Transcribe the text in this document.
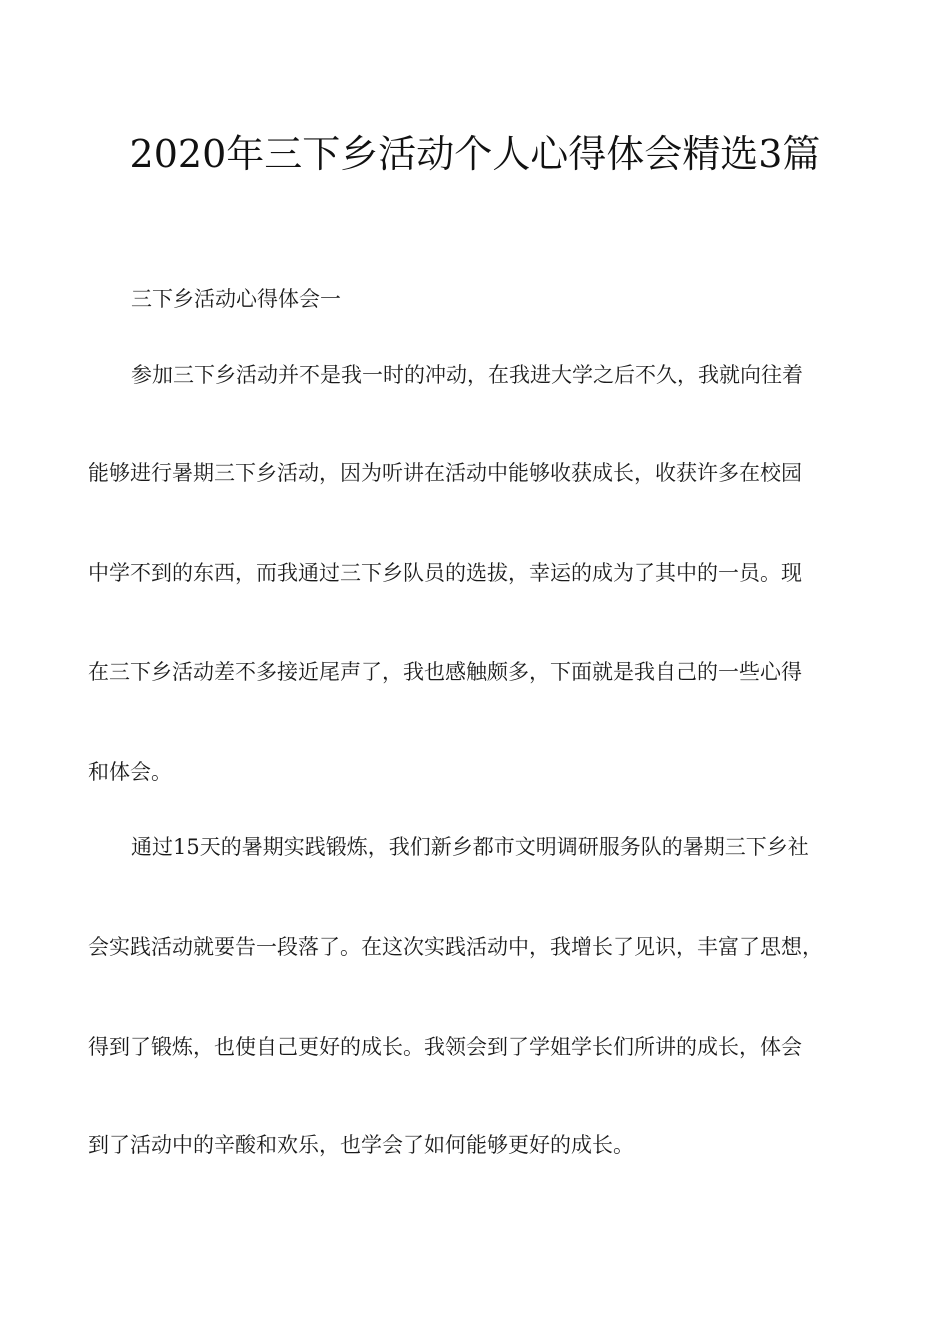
2020年三下乡活动个人心得体会精选3篇

三下乡活动心得体会一

参加三下乡活动并不是我一时的冲动，在我进大学之后不久，我就向往着

能够进行暑期三下乡活动，因为听讲在活动中能够收获成长，收获许多在校园

中学不到的东西，而我通过三下乡队员的选拔，幸运的成为了其中的一员。现

在三下乡活动差不多接近尾声了，我也感触颇多，下面就是我自己的一些心得

和体会。

通过15天的暑期实践锻炼，我们新乡都市文明调研服务队的暑期三下乡社

会实践活动就要告一段落了。在这次实践活动中，我增长了见识，丰富了思想，

得到了锻炼，也使自己更好的成长。我领会到了学姐学长们所讲的成长，体会

到了活动中的辛酸和欢乐，也学会了如何能够更好的成长。
